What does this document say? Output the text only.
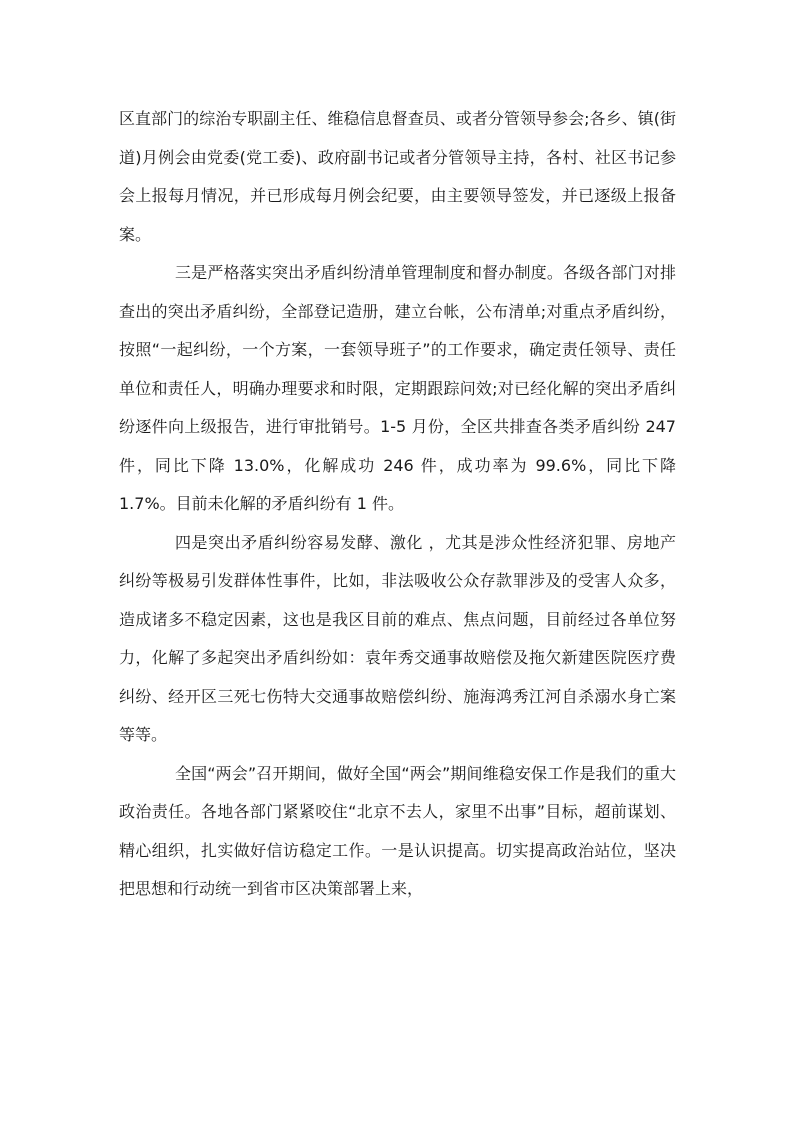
区直部门的综治专职副主任、维稳信息督查员、或者分管领导参会;各乡、镇(街道)月例会由党委(党工委)、政府副书记或者分管领导主持，各村、社区书记参会上报每月情况，并已形成每月例会纪要，由主要领导签发，并已逐级上报备案。

三是严格落实突出矛盾纠纷清单管理制度和督办制度。各级各部门对排查出的突出矛盾纠纷，全部登记造册，建立台帐，公布清单;对重点矛盾纠纷，按照“一起纠纷，一个方案，一套领导班子”的工作要求，确定责任领导、责任单位和责任人，明确办理要求和时限，定期跟踪问效;对已经化解的突出矛盾纠纷逐件向上级报告，进行审批销号。1-5 月份，全区共排查各类矛盾纠纷 247 件，同比下降 13.0%，化解成功 246 件，成功率为 99.6%，同比下降 1.7%。目前未化解的矛盾纠纷有 1 件。

四是突出矛盾纠纷容易发酵、激化 ，尤其是涉众性经济犯罪、房地产纠纷等极易引发群体性事件，比如，非法吸收公众存款罪涉及的受害人众多，造成诸多不稳定因素，这也是我区目前的难点、焦点问题，目前经过各单位努力，化解了多起突出矛盾纠纷如：袁年秀交通事故赔偿及拖欠新建医院医疗费纠纷、经开区三死七伤特大交通事故赔偿纠纷、施海鸿秀江河自杀溺水身亡案等等。

全国“两会”召开期间，做好全国“两会”期间维稳安保工作是我们的重大政治责任。各地各部门紧紧咬住“北京不去人，家里不出事”目标，超前谋划、精心组织，扎实做好信访稳定工作。一是认识提高。切实提高政治站位，坚决把思想和行动统一到省市区决策部署上来，
